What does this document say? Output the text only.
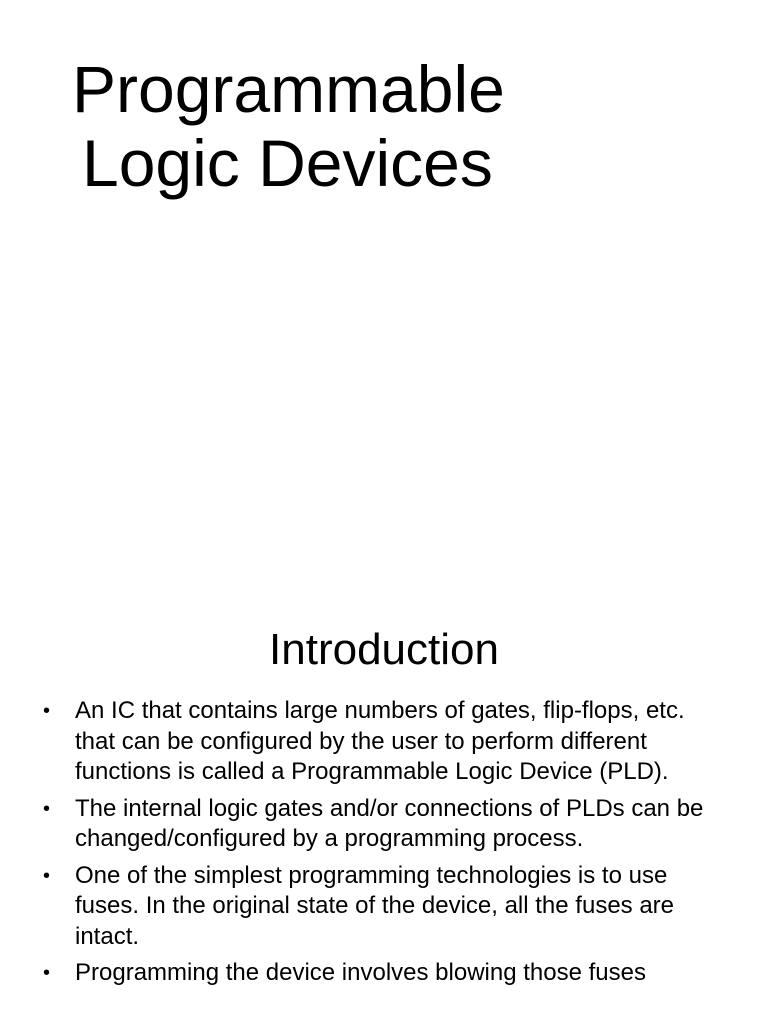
Programmable
Logic Devices
Introduction
• An IC that contains large numbers of gates, flip-flops, etc. that can be configured by the user to perform different functions is called a Programmable Logic Device (PLD).
• The internal logic gates and/or connections of PLDs can be changed/configured by a programming process.
• One of the simplest programming technologies is to use fuses. In the original state of the device, all the fuses are intact.
• Programming the device involves blowing those fuses
